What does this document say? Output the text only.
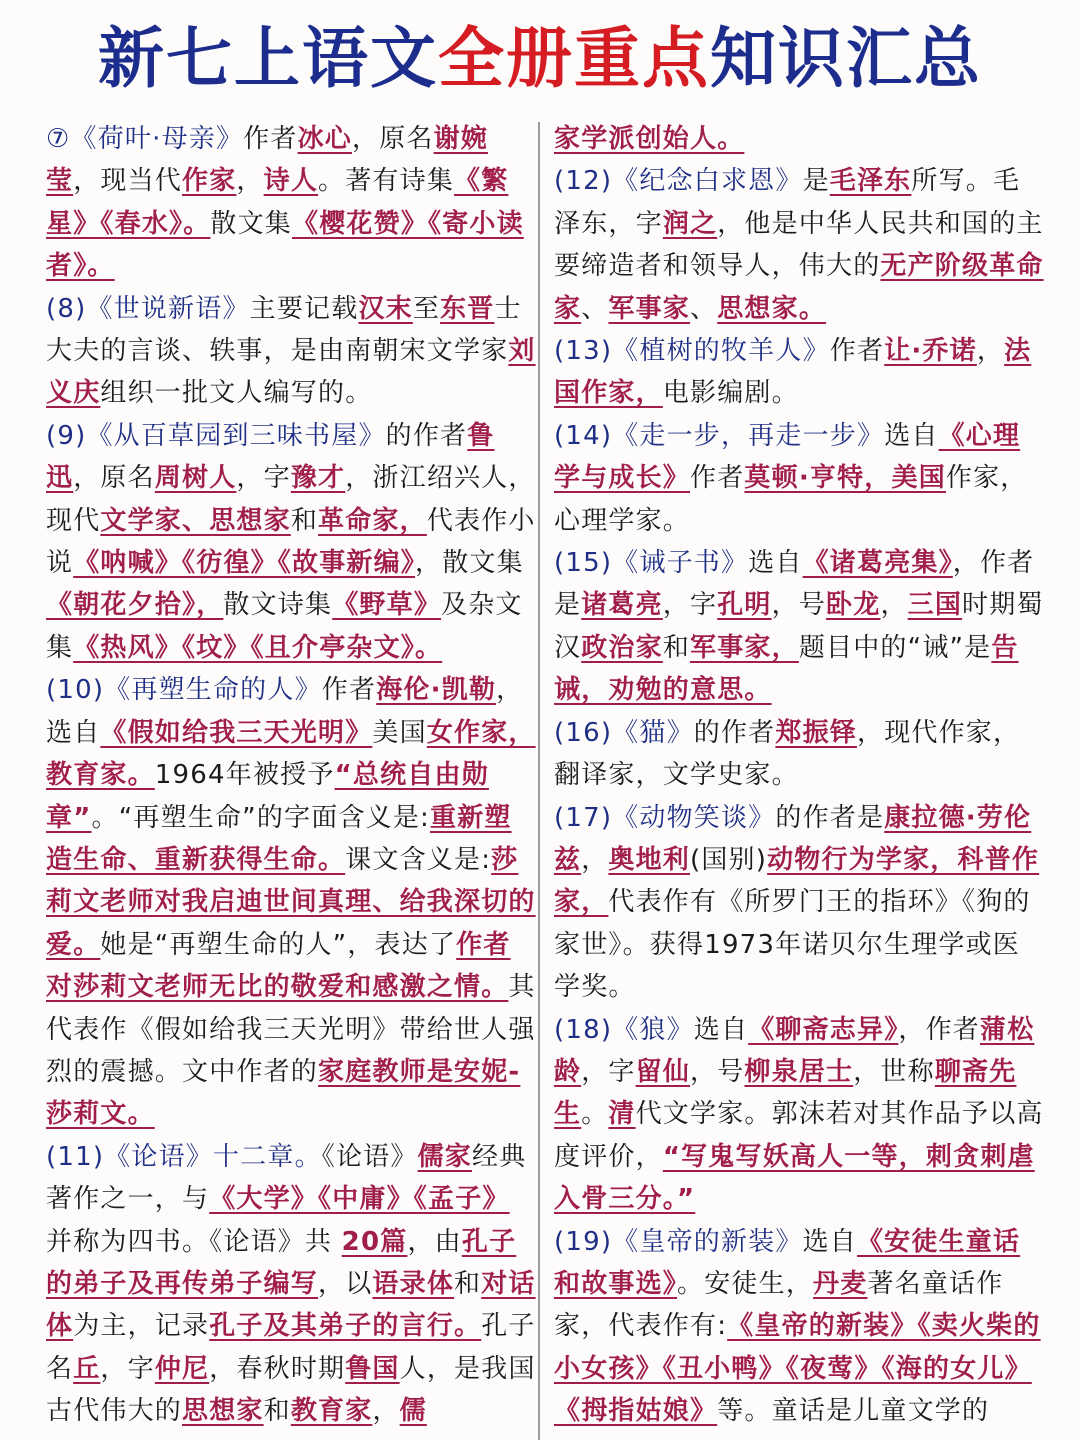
新七上语文 全册重点 知识汇总
⑦《荷叶·母亲》作者冰心，原名谢婉莹，现当代作家，诗人。著有诗集《繁星》《春水》。散文集《樱花赞》《寄小读者》。
(8)《世说新语》主要记载汉末至东晋士大夫的言谈、轶事，是由南朝宋文学家刘义庆组织一批文人编写的。
(9)《从百草园到三味书屋》的作者鲁迅，原名周树人，字豫才，浙江绍兴人，现代文学家、思想家和革命家，代表作小说《呐喊》《彷徨》《故事新编》，散文集《朝花夕拾》，散文诗集《野草》及杂文集《热风》《坟》《且介亭杂文》。
(10)《再塑生命的人》作者海伦·凯勒，选自《假如给我三天光明》美国女作家，教育家。1964年被授予“总统自由勋章”。“再塑生命”的字面含义是:重新塑造生命、重新获得生命。课文含义是:莎莉文老师对我启迪世间真理、给我深切的爱。她是“再塑生命的人”，表达了作者对莎莉文老师无比的敬爱和感激之情。其代表作《假如给我三天光明》带给世人强烈的震撼。文中作者的家庭教师是安妮-莎莉文。
(11)《论语》十二章。《论语》儒家经典著作之一，与《大学》《中庸》《孟子》并称为四书。《论语》共 20篇，由孔子的弟子及再传弟子编写，以语录体和对话体为主，记录孔子及其弟子的言行。孔子名丘，字仲尼，春秋时期鲁国人，是我国古代伟大的思想家和教育家，儒
家学派创始人。
(12)《纪念白求恩》是毛泽东所写。毛泽东，字润之，他是中华人民共和国的主要缔造者和领导人，伟大的无产阶级革命家、军事家、思想家。
(13)《植树的牧羊人》作者让·乔诺，法国作家，电影编剧。
(14)《走一步，再走一步》选自《心理学与成长》作者莫顿·亨特，美国作家，心理学家。
(15)《诫子书》选自《诸葛亮集》，作者是诸葛亮，字孔明，号卧龙，三国时期蜀汉政治家和军事家，题目中的“诫”是告诫，劝勉的意思。
(16)《猫》的作者郑振铎，现代作家，翻译家，文学史家。
(17)《动物笑谈》的作者是康拉德·劳伦兹，奥地利(国别)动物行为学家，科普作家，代表作有《所罗门王的指环》《狗的家世》。获得1973年诺贝尔生理学或医学奖。
(18)《狼》选自《聊斋志异》，作者蒲松龄，字留仙，号柳泉居士，世称聊斋先生。清代文学家。郭沫若对其作品予以高度评价，“写鬼写妖高人一等，刺贪刺虐入骨三分。”
(19)《皇帝的新装》选自《安徒生童话和故事选》。安徒生，丹麦著名童话作家，代表作有:《皇帝的新装》《卖火柴的小女孩》《丑小鸭》《夜莺》《海的女儿》《拇指姑娘》等。童话是儿童文学的
